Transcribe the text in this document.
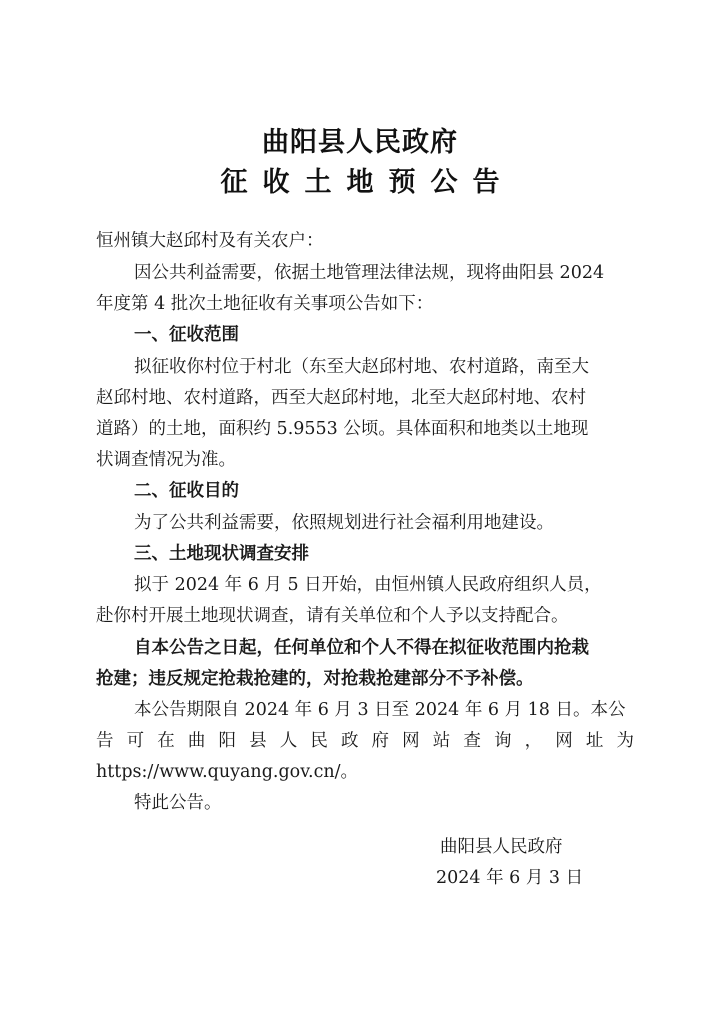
曲阳县人民政府
征收土地预公告
恒州镇大赵邱村及有关农户：
因公共利益需要，依据土地管理法律法规，现将曲阳县 2024
年度第 4 批次土地征收有关事项公告如下：
一、征收范围
拟征收你村位于村北（东至大赵邱村地、农村道路，南至大
赵邱村地、农村道路，西至大赵邱村地，北至大赵邱村地、农村
道路）的土地，面积约 5.9553 公顷。具体面积和地类以土地现
状调查情况为准。
二、征收目的
为了公共利益需要，依照规划进行社会福利用地建设。
三、土地现状调查安排
拟于 2024 年 6 月 5 日开始，由恒州镇人民政府组织人员，
赴你村开展土地现状调查，请有关单位和个人予以支持配合。
自本公告之日起，任何单位和个人不得在拟征收范围内抢栽
抢建；违反规定抢栽抢建的，对抢栽抢建部分不予补偿。
本公告期限自 2024 年 6 月 3 日至 2024 年 6 月 18 日。本公
告可在曲阳县人民政府网站查询，网址为
https://www.quyang.gov.cn/。
特此公告。
曲阳县人民政府
2024 年 6 月 3 日
